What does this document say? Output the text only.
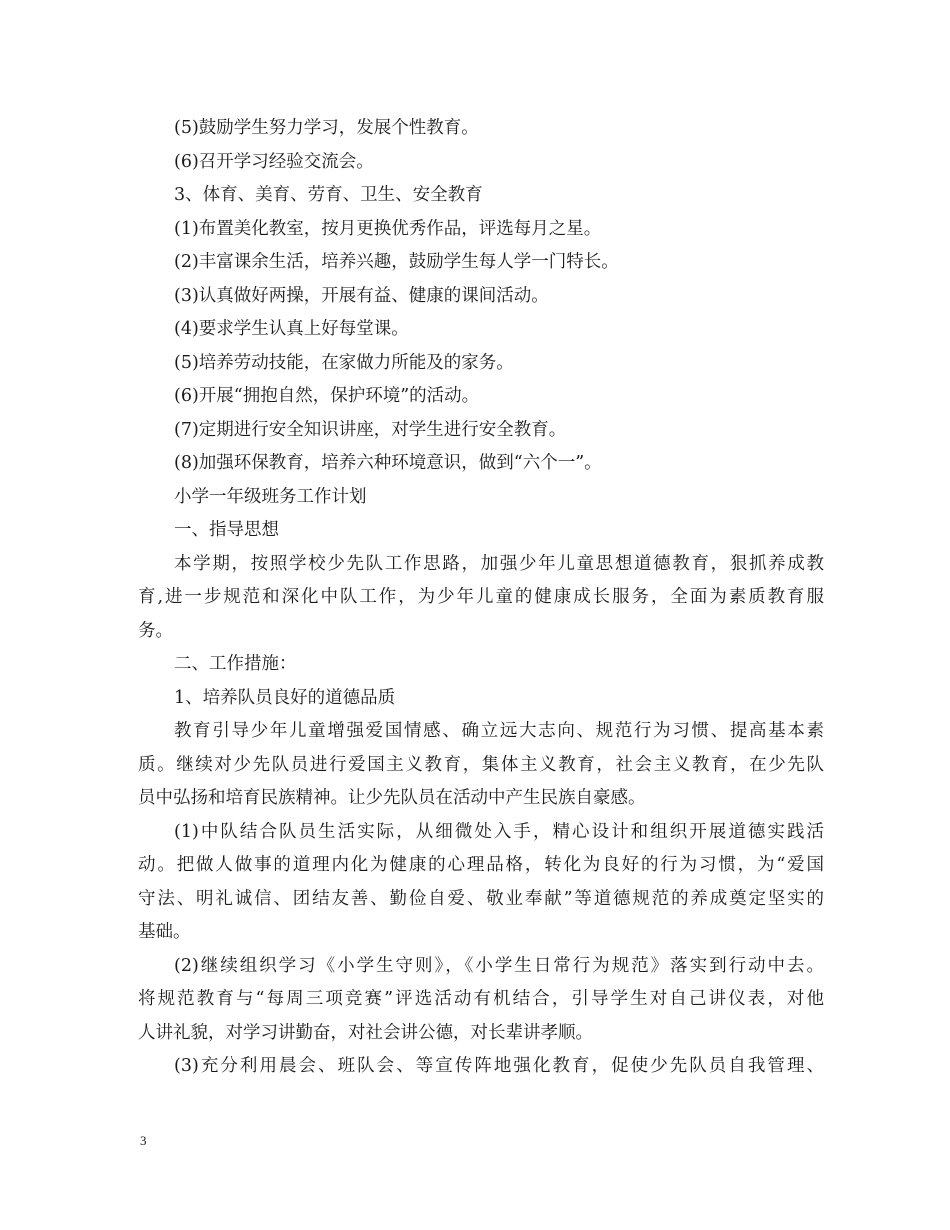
(5)鼓励学生努力学习，发展个性教育。
(6)召开学习经验交流会。
3、体育、美育、劳育、卫生、安全教育
(1)布置美化教室，按月更换优秀作品，评选每月之星。
(2)丰富课余生活，培养兴趣，鼓励学生每人学一门特长。
(3)认真做好两操，开展有益、健康的课间活动。
(4)要求学生认真上好每堂课。
(5)培养劳动技能，在家做力所能及的家务。
(6)开展“拥抱自然，保护环境”的活动。
(7)定期进行安全知识讲座，对学生进行安全教育。
(8)加强环保教育，培养六种环境意识，做到“六个一”。
小学一年级班务工作计划
一、指导思想
本学期，按照学校少先队工作思路，加强少年儿童思想道德教育，狠抓养成教
育,进一步规范和深化中队工作，为少年儿童的健康成长服务，全面为素质教育服
务。
二、工作措施：
1、培养队员良好的道德品质
教育引导少年儿童增强爱国情感、确立远大志向、规范行为习惯、提高基本素
质。继续对少先队员进行爱国主义教育，集体主义教育，社会主义教育，在少先队
员中弘扬和培育民族精神。让少先队员在活动中产生民族自豪感。
(1)中队结合队员生活实际，从细微处入手，精心设计和组织开展道德实践活
动。把做人做事的道理内化为健康的心理品格，转化为良好的行为习惯，为“爱国
守法、明礼诚信、团结友善、勤俭自爱、敬业奉献”等道德规范的养成奠定坚实的
基础。
(2)继续组织学习《小学生守则》，《小学生日常行为规范》落实到行动中去。
将规范教育与“每周三项竞赛”评选活动有机结合，引导学生对自己讲仪表，对他
人讲礼貌，对学习讲勤奋，对社会讲公德，对长辈讲孝顺。
(3)充分利用晨会、班队会、等宣传阵地强化教育，促使少先队员自我管理、
3
